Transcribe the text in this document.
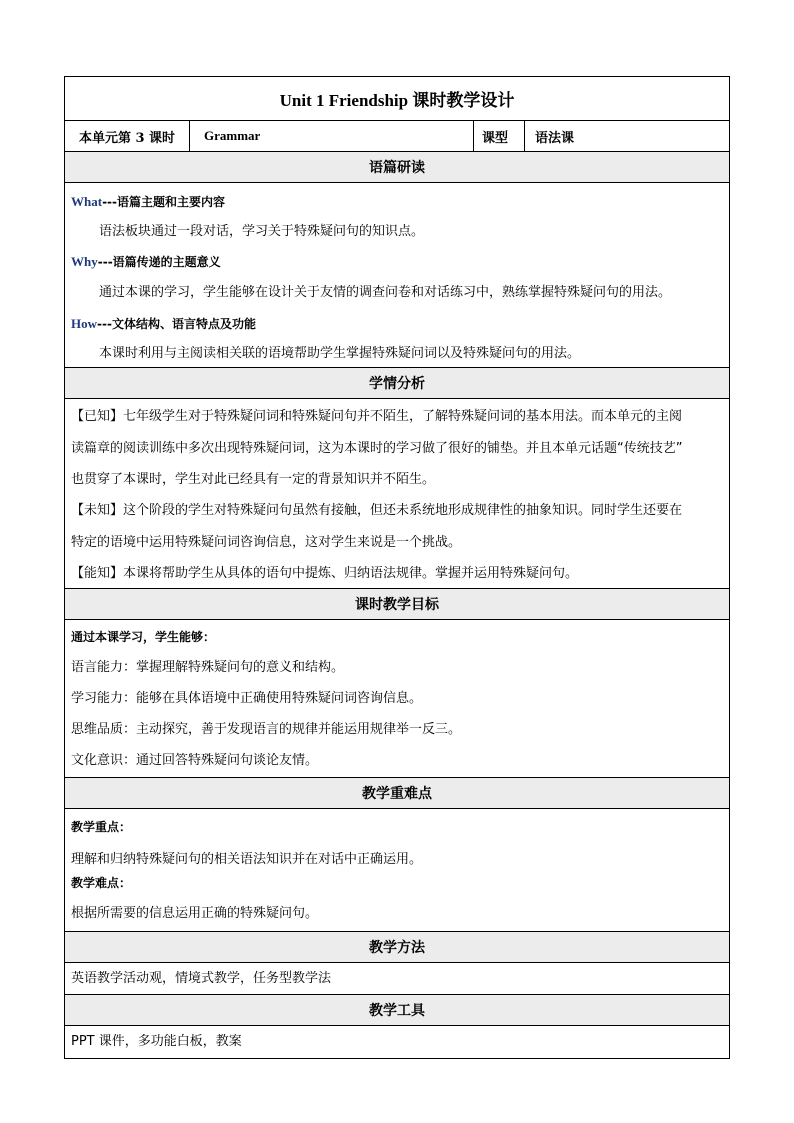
Unit 1 Friendship 课时教学设计
本单元第 3 课时	Grammar	课型	语法课
语篇研读
What---语篇主题和主要内容
语法板块通过一段对话，学习关于特殊疑问句的知识点。
Why---语篇传递的主题意义
通过本课的学习，学生能够在设计关于友情的调查问卷和对话练习中，熟练掌握特殊疑问句的用法。
How---文体结构、语言特点及功能
本课时利用与主阅读相关联的语境帮助学生掌握特殊疑问词以及特殊疑问句的用法。
学情分析
【已知】七年级学生对于特殊疑问词和特殊疑问句并不陌生，了解特殊疑问词的基本用法。而本单元的主阅
读篇章的阅读训练中多次出现特殊疑问词，这为本课时的学习做了很好的铺垫。并且本单元话题“传统技艺”
也贯穿了本课时，学生对此已经具有一定的背景知识并不陌生。
【未知】这个阶段的学生对特殊疑问句虽然有接触，但还未系统地形成规律性的抽象知识。同时学生还要在
特定的语境中运用特殊疑问词咨询信息，这对学生来说是一个挑战。
【能知】本课将帮助学生从具体的语句中提炼、归纳语法规律。掌握并运用特殊疑问句。
课时教学目标
通过本课学习，学生能够：
语言能力：掌握理解特殊疑问句的意义和结构。
学习能力：能够在具体语境中正确使用特殊疑问词咨询信息。
思维品质：主动探究，善于发现语言的规律并能运用规律举一反三。
文化意识：通过回答特殊疑问句谈论友情。
教学重难点
教学重点：
理解和归纳特殊疑问句的相关语法知识并在对话中正确运用。
教学难点：
根据所需要的信息运用正确的特殊疑问句。
教学方法
英语教学活动观，情境式教学，任务型教学法
教学工具
PPT 课件，多功能白板，教案
